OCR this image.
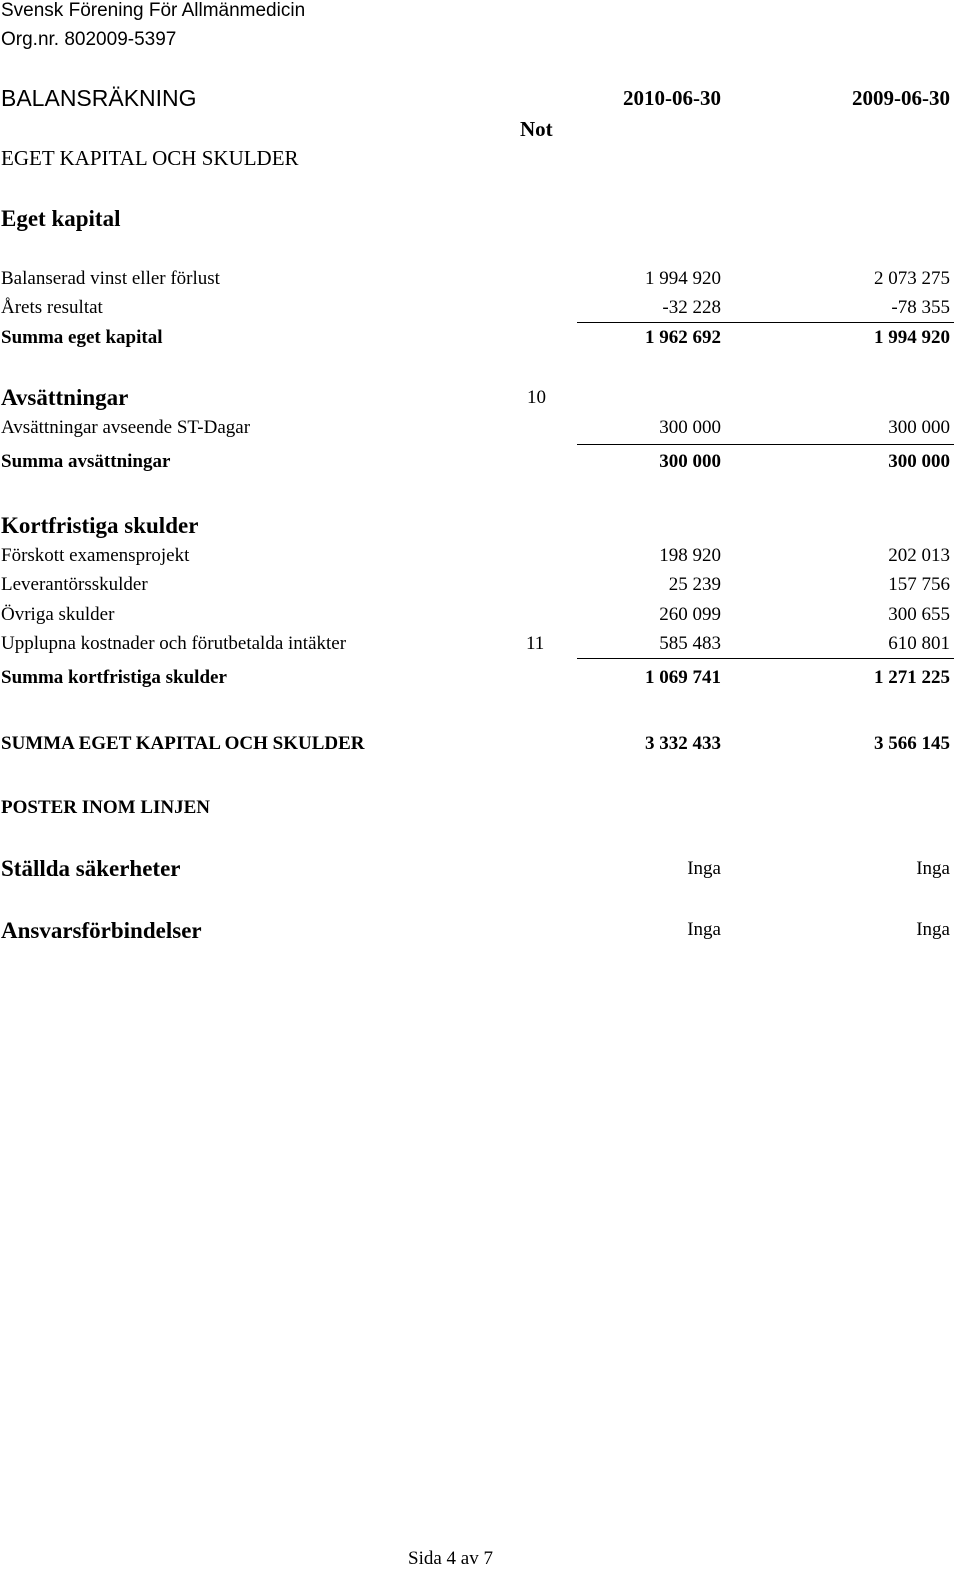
Svensk Förening För Allmänmedicin
Org.nr. 802009-5397
BALANSRÄKNING	2010-06-30	2009-06-30
Not
EGET KAPITAL OCH SKULDER
Eget kapital
Balanserad vinst eller förlust	1 994 920	2 073 275
Årets resultat	-32 228	-78 355
Summa eget kapital	1 962 692	1 994 920
Avsättningar	10
Avsättningar avseende ST-Dagar	300 000	300 000
Summa avsättningar	300 000	300 000
Kortfristiga skulder
Förskott examensprojekt	198 920	202 013
Leverantörsskulder	25 239	157 756
Övriga skulder	260 099	300 655
Upplupna kostnader och förutbetalda intäkter	11	585 483	610 801
Summa kortfristiga skulder	1 069 741	1 271 225
SUMMA EGET KAPITAL OCH SKULDER	3 332 433	3 566 145
POSTER INOM LINJEN
Ställda säkerheter	Inga	Inga
Ansvarsförbindelser	Inga	Inga
Sida 4 av 7
